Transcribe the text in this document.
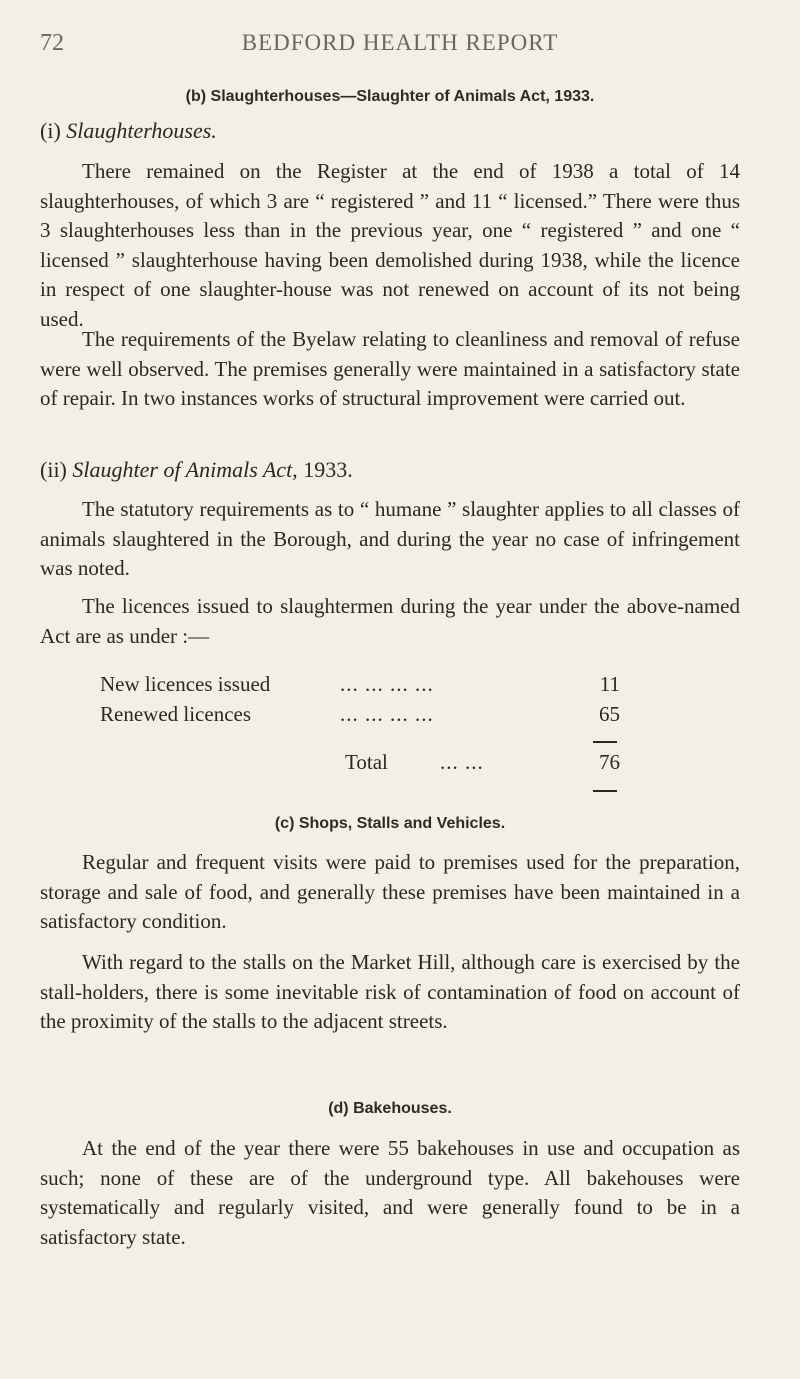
72	BEDFORD HEALTH REPORT
(b) Slaughterhouses—Slaughter of Animals Act, 1933.
(i) Slaughterhouses.

There remained on the Register at the end of 1938 a total of 14 slaughterhouses, of which 3 are “ registered ” and 11 “ licensed.” There were thus 3 slaughterhouses less than in the previous year, one “ registered ” and one “ licensed ” slaughterhouse having been demolished during 1938, while the licence in respect of one slaughter-house was not renewed on account of its not being used.

The requirements of the Byelaw relating to cleanliness and removal of refuse were well observed. The premises generally were maintained in a satisfactory state of repair. In two instances works of structural improvement were carried out.

(ii) Slaughter of Animals Act, 1933.

The statutory requirements as to “ humane ” slaughter applies to all classes of animals slaughtered in the Borough, and during the year no case of infringement was noted.

The licences issued to slaughtermen during the year under the above-named Act are as under :—

New licences issued	... ... ... ...	11
Renewed licences	... ... ... ...	65
Total ... ...	76
(c) Shops, Stalls and Vehicles.

Regular and frequent visits were paid to premises used for the preparation, storage and sale of food, and generally these premises have been maintained in a satisfactory condition.

With regard to the stalls on the Market Hill, although care is exercised by the stall-holders, there is some inevitable risk of contamination of food on account of the proximity of the stalls to the adjacent streets.

(d) Bakehouses.

At the end of the year there were 55 bakehouses in use and occupation as such; none of these are of the underground type. All bakehouses were systematically and regularly visited, and were generally found to be in a satisfactory state.
